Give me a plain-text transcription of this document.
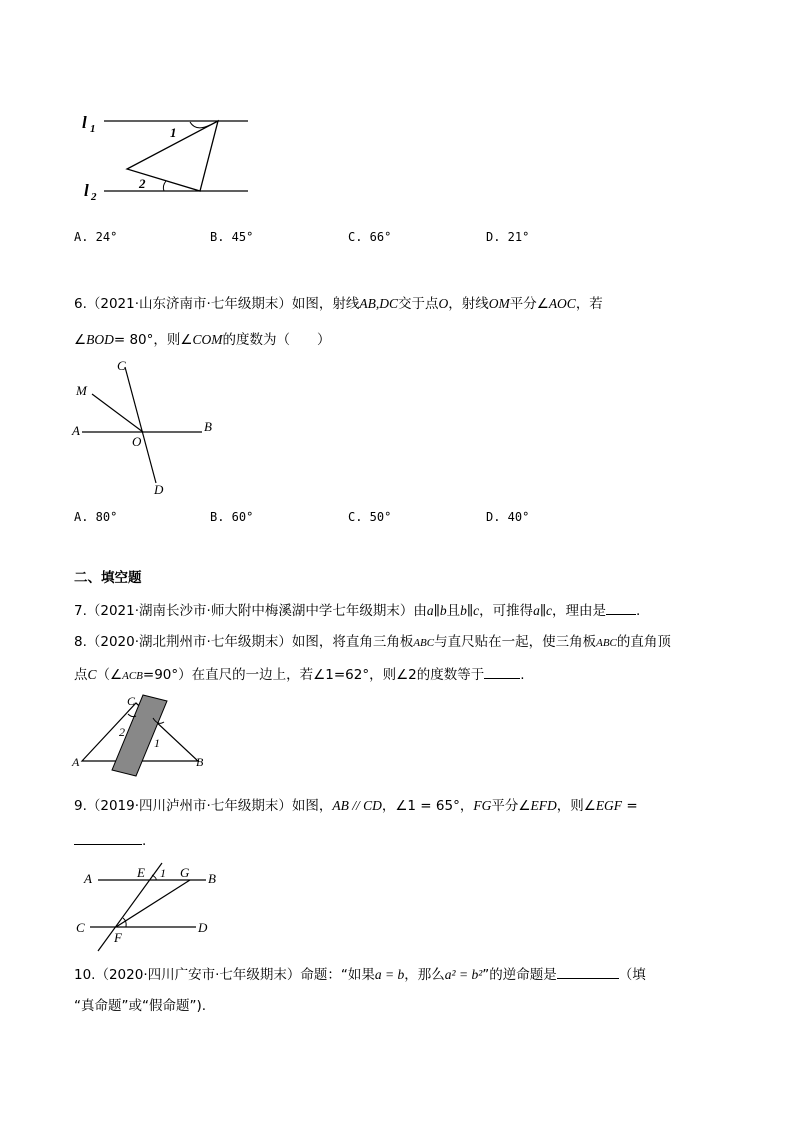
l 1
l 2
1
2
A. 24°	B. 45°	C. 66°	D. 21°
6.（2021·山东济南市·七年级期末）如图，射线AB,DC交于点O，射线OM平分∠AOC，若
∠BOD= 80°，则∠COM的度数为（　　）
C
M
A
O
B
D
A. 80°	B. 60°	C. 50°	D. 40°
二、填空题
7.（2021·湖南长沙市·师大附中梅溪湖中学七年级期末）由a∥b且b∥c，可推得a∥c，理由是 .
8.（2020·湖北荆州市·七年级期末）如图，将直角三角板ABC与直尺贴在一起，使三角板ABC的直角顶
点C（∠ACB=90°）在直尺的一边上，若∠1=62°，则∠2的度数等于	.
C
A	B
2
1
9.（2019·四川泸州市·七年级期末）如图，AB // CD，∠1 = 65°，FG平分∠EFD，则∠EGF =
.
A	E 1 G B
C
F
D
10.（2020·四川广安市·七年级期末）命题：“如果a = b，那么a² = b²”的逆命题是	（填
“真命题”或“假命题”).
